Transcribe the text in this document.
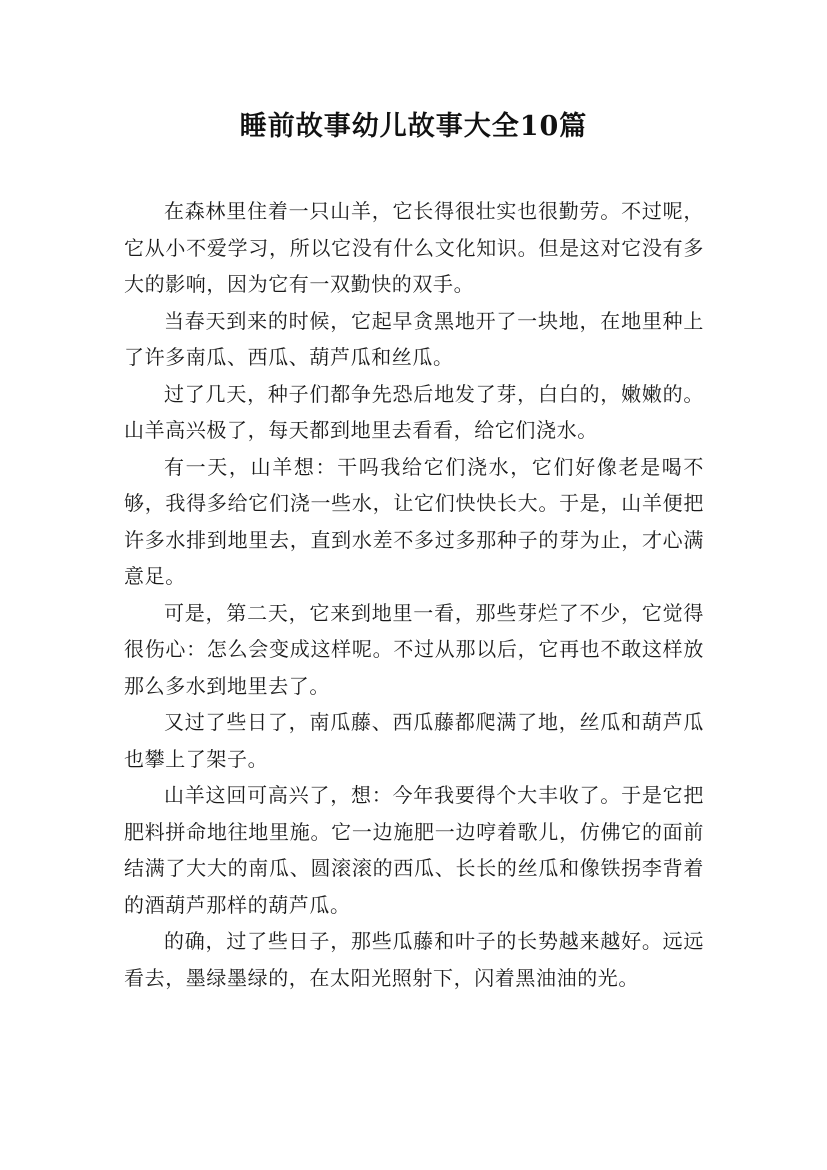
睡前故事幼儿故事大全10篇

在森林里住着一只山羊，它长得很壮实也很勤劳。不过呢，它从小不爱学习，所以它没有什么文化知识。但是这对它没有多大的影响，因为它有一双勤快的双手。

当春天到来的时候，它起早贪黑地开了一块地，在地里种上了许多南瓜、西瓜、葫芦瓜和丝瓜。

过了几天，种子们都争先恐后地发了芽，白白的，嫩嫩的。山羊高兴极了，每天都到地里去看看，给它们浇水。

有一天，山羊想：干吗我给它们浇水，它们好像老是喝不够，我得多给它们浇一些水，让它们快快长大。于是，山羊便把许多水排到地里去，直到水差不多过多那种子的芽为止，才心满意足。

可是，第二天，它来到地里一看，那些芽烂了不少，它觉得很伤心：怎么会变成这样呢。不过从那以后，它再也不敢这样放那么多水到地里去了。

又过了些日了，南瓜藤、西瓜藤都爬满了地，丝瓜和葫芦瓜也攀上了架子。

山羊这回可高兴了，想：今年我要得个大丰收了。于是它把肥料拼命地往地里施。它一边施肥一边哼着歌儿，仿佛它的面前结满了大大的南瓜、圆滚滚的西瓜、长长的丝瓜和像铁拐李背着的酒葫芦那样的葫芦瓜。

的确，过了些日子，那些瓜藤和叶子的长势越来越好。远远看去，墨绿墨绿的，在太阳光照射下，闪着黑油油的光。
